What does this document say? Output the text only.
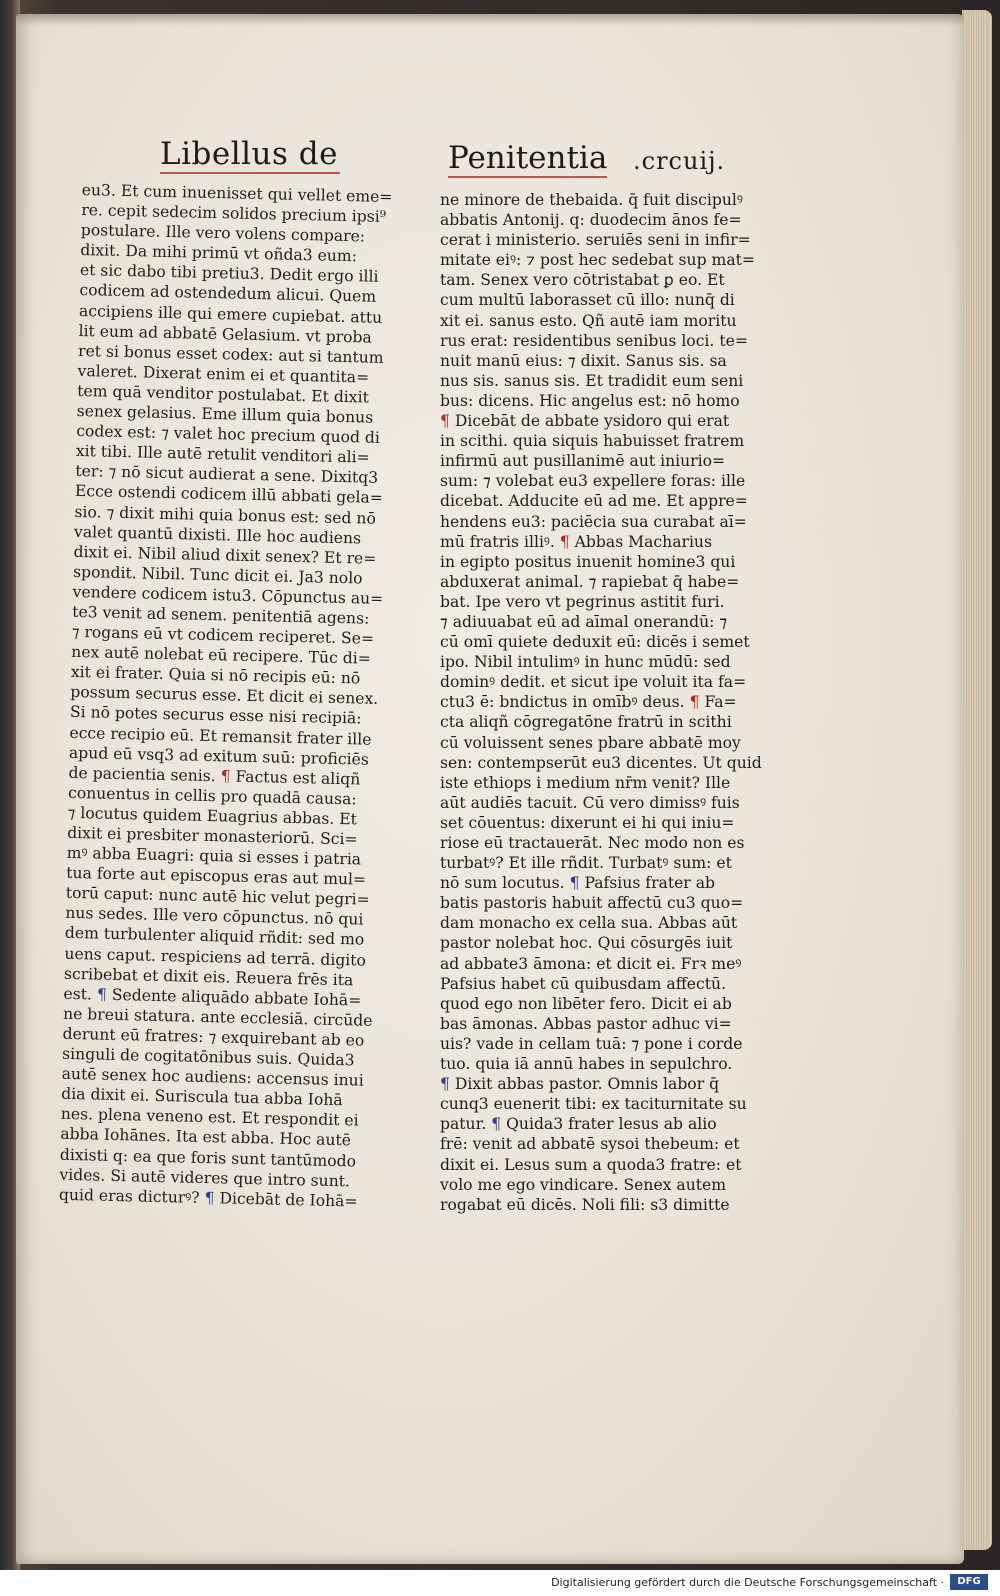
Libellus de	Penitentia .crcuij.
eu3. Et cum inuenisset qui vellet eme=
re. cepit sedecim solidos precium ipsi⁹
postulare. Ille vero volens compare:
dixit. Da mihi primū vt oñda3 eum:
et sic dabo tibi pretiu3. Dedit ergo illi
codicem ad ostendedum alicui. Quem
accipiens ille qui emere cupiebat. attu
lit eum ad abbatē Gelasium. vt proba
ret si bonus esset codex: aut si tantum
valeret. Dixerat enim ei et quantita=
tem quā venditor postulabat. Et dixit
senex gelasius. Eme illum quia bonus
codex est: ⁊ valet hoc precium quod di
xit tibi. Ille autē retulit venditori ali=
ter: ⁊ nō sicut audierat a sene. Dixitq3
Ecce ostendi codicem illū abbati gela=
sio. ⁊ dixit mihi quia bonus est: sed nō
valet quantū dixisti. Ille hoc audiens
dixit ei. Nibil aliud dixit senex? Et re=
spondit. Nibil. Tunc dicit ei. Ja3 nolo
vendere codicem istu3. Cōpunctus au=
te3 venit ad senem. penitentiā agens:
⁊ rogans eū vt codicem reciperet. Se=
nex autē nolebat eū recipere. Tūc di=
xit ei frater. Quia si nō recipis eū: nō
possum securus esse. Et dicit ei senex.
Si nō potes securus esse nisi recipiā:
ecce recipio eū. Et remansit frater ille
apud eū vsq3 ad exitum suū: proficiēs
de pacientia senis. ¶ Factus est aliqñ
conuentus in cellis pro quadā causa:
⁊ locutus quidem Euagrius abbas. Et
dixit ei presbiter monasteriorū. Sci=
mꝰ abba Euagri: quia si esses i patria
tua forte aut episcopus eras aut mul=
torū caput: nunc autē hic velut pegri=
nus sedes. Ille vero cōpunctus. nō qui
dem turbulenter aliquid rñdit: sed mo
uens caput. respiciens ad terrā. digito
scribebat et dixit eis. Reuera frēs ita
est. ¶ Sedente aliquādo abbate Iohā=
ne breui statura. ante ecclesiā. circūde
derunt eū fratres: ⁊ exquirebant ab eo
singuli de cogitatōnibus suis. Quida3
autē senex hoc audiens: accensus inui
dia dixit ei. Suriscula tua abba Iohā
nes. plena veneno est. Et respondit ei
abba Iohānes. Ita est abba. Hoc autē
dixisti q: ea que foris sunt tantūmodo
vides. Si autē videres que intro sunt.
quid eras dicturꝰ? ¶ Dicebāt de Iohā=
ne minore de thebaida. q̄ fuit discipulꝰ
abbatis Antonij. q: duodecim ānos fe=
cerat i ministerio. seruiēs seni in infir=
mitate eiꝰ: ⁊ post hec sedebat sup mat=
tam. Senex vero cōtristabat ꝑ eo. Et
cum multū laborasset cū illo: nunq̄ di
xit ei. sanus esto. Qñ autē iam moritu
rus erat: residentibus senibus loci. te=
nuit manū eius: ⁊ dixit. Sanus sis. sa
nus sis. sanus sis. Et tradidit eum seni
bus: dicens. Hic angelus est: nō homo
¶ Dicebāt de abbate ysidoro qui erat
in scithi. quia siquis habuisset fratrem
infirmū aut pusillanimē aut iniurio=
sum: ⁊ volebat eu3 expellere foras: ille
dicebat. Adducite eū ad me. Et appre=
hendens eu3: paciēcia sua curabat aī=
mū fratris illiꝰ. ¶ Abbas Macharius
in egipto positus inuenit homine3 qui
abduxerat animal. ⁊ rapiebat q̄ habe=
bat. Ipe vero vt pegrinus astitit furi.
⁊ adiuuabat eū ad aīmal onerandū: ⁊
cū omī quiete deduxit eū: dicēs i semet
ipo. Nibil intulimꝰ in hunc mūdū: sed
dominꝰ dedit. et sicut ipe voluit ita fa=
ctu3 ē: bndictus in omībꝰ deus. ¶ Fa=
cta aliqñ cōgregatōne fratrū in scithi
cū voluissent senes pbare abbatē moy
sen: contempserūt eu3 dicentes. Ut quid
iste ethiops i medium nr̄m venit? Ille
aūt audiēs tacuit. Cū vero dimissꝰ fuis
set cōuentus: dixerunt ei hi qui iniu=
riose eū tractauerāt. Nec modo non es
turbatꝰ? Et ille rñdit. Turbatꝰ sum: et
nō sum locutus. ¶ Pafsius frater ab
batis pastoris habuit affectū cu3 quo=
dam monacho ex cella sua. Abbas aūt
pastor nolebat hoc. Qui cōsurgēs iuit
ad abbate3 āmona: et dicit ei. Frꝛ meꝰ
Pafsius habet cū quibusdam affectū.
quod ego non libēter fero. Dicit ei ab
bas āmonas. Abbas pastor adhuc vi=
uis? vade in cellam tuā: ⁊ pone i corde
tuo. quia iā annū habes in sepulchro.
¶ Dixit abbas pastor. Omnis labor q̄
cunq3 euenerit tibi: ex taciturnitate su
patur. ¶ Quida3 frater lesus ab alio
frē: venit ad abbatē sysoi thebeum: et
dixit ei. Lesus sum a quoda3 fratre: et
volo me ego vindicare. Senex autem
rogabat eū dicēs. Noli fili: s3 dimitte
Digitalisierung gefördert durch die Deutsche Forschungsgemeinschaft ·	DFG
